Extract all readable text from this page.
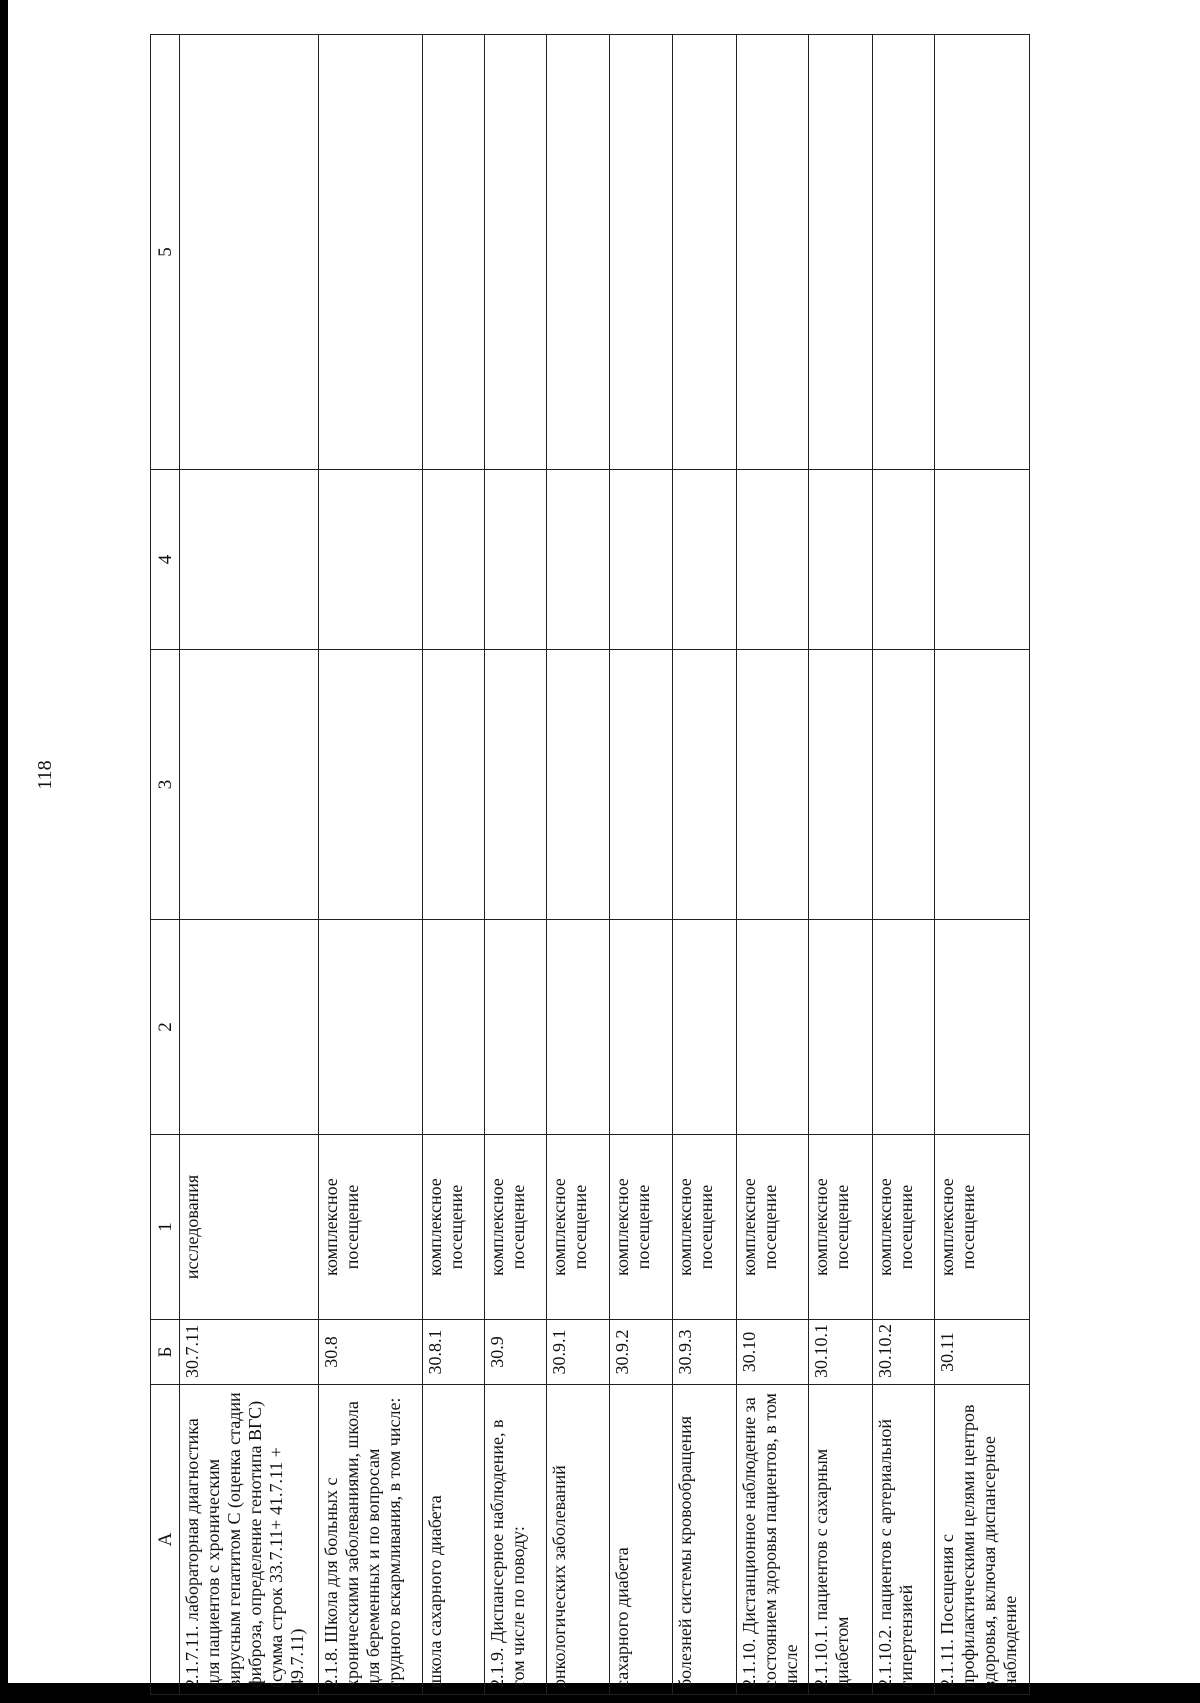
118
А	Б	1	2	3	4	5
2.1.7.11. лабораторная диагностика для пациентов с хроническим вирусным гепатитом С (оценка стадии фиброза, определение генотипа ВГС) (сумма строк 33.7.11+ 41.7.11 + 49.7.11)	30.7.11	исследования				
2.1.8. Школа для больных с хроническими заболеваниями, школа для беременных и по вопросам грудного вскармливания, в том числе:	30.8	комплексное посещение				
школа сахарного диабета	30.8.1	комплексное посещение				
2.1.9. Диспансерное наблюдение, в том числе по поводу:	30.9	комплексное посещение				
онкологических заболеваний	30.9.1	комплексное посещение				
сахарного диабета	30.9.2	комплексное посещение				
болезней системы кровообращения	30.9.3	комплексное посещение				
2.1.10. Дистанционное наблюдение за состоянием здоровья пациентов, в том числе	30.10	комплексное посещение				
2.1.10.1. пациентов с сахарным диабетом	30.10.1	комплексное посещение				
2.1.10.2. пациентов с артериальной гипертензией	30.10.2	комплексное посещение				
2.1.11. Посещения с профилактическими целями центров здоровья, включая диспансерное наблюдение	30.11	комплексное посещение				
